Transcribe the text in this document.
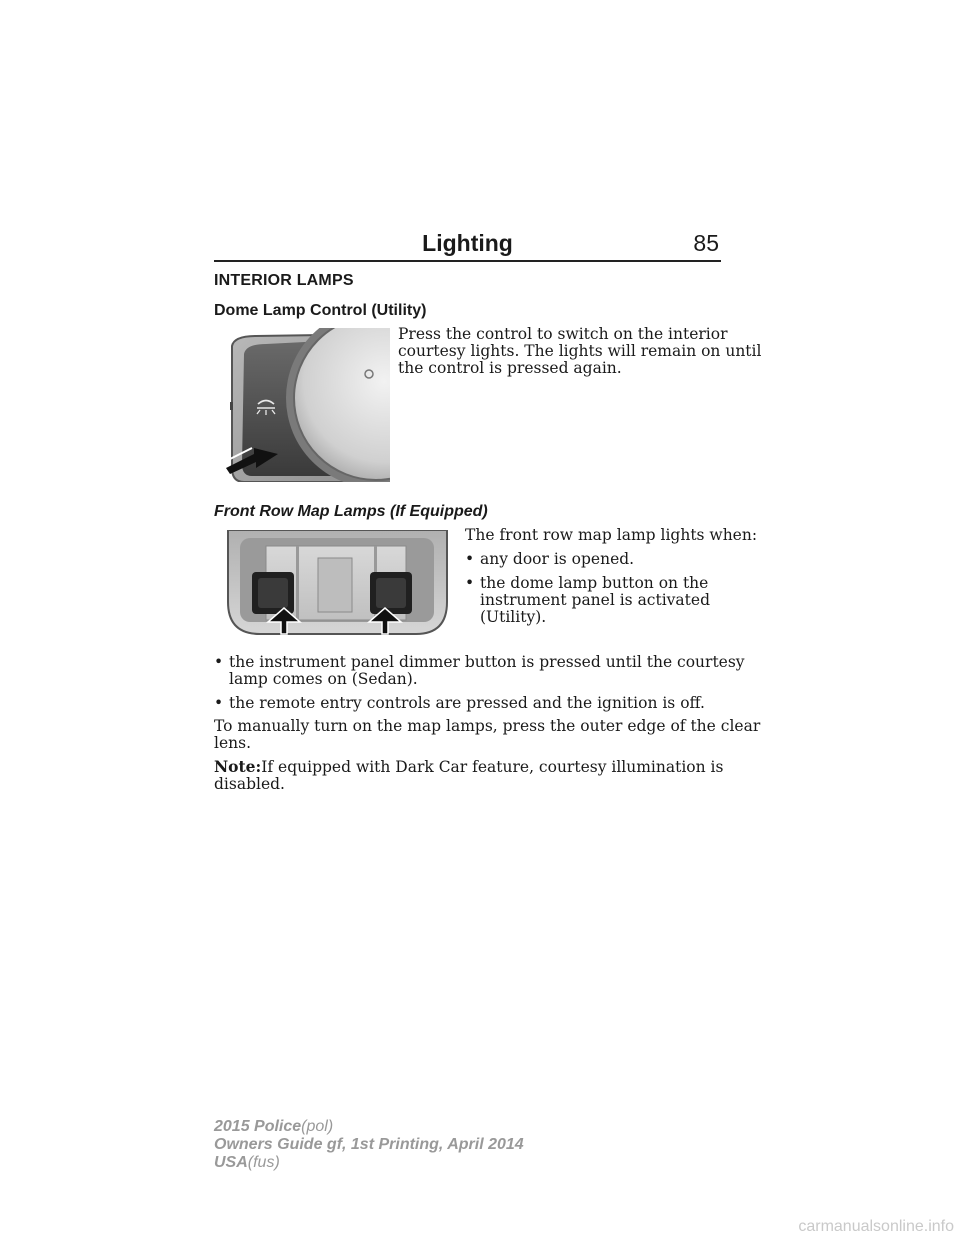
Lighting	85
INTERIOR LAMPS
Dome Lamp Control (Utility)
Press the control to switch on the interior
courtesy lights. The lights will remain on until
the control is pressed again.
Front Row Map Lamps (If Equipped)
The front row map lamp lights when:
• any door is opened.
• the dome lamp button on the
instrument panel is activated
(Utility).
• the instrument panel dimmer button is pressed until the courtesy
lamp comes on (Sedan).
• the remote entry controls are pressed and the ignition is off.
To manually turn on the map lamps, press the outer edge of the clear
lens.
Note:If equipped with Dark Car feature, courtesy illumination is
disabled.
2015 Police(pol)
Owners Guide gf, 1st Printing, April 2014
USA(fus)
carmanualsonline.info
